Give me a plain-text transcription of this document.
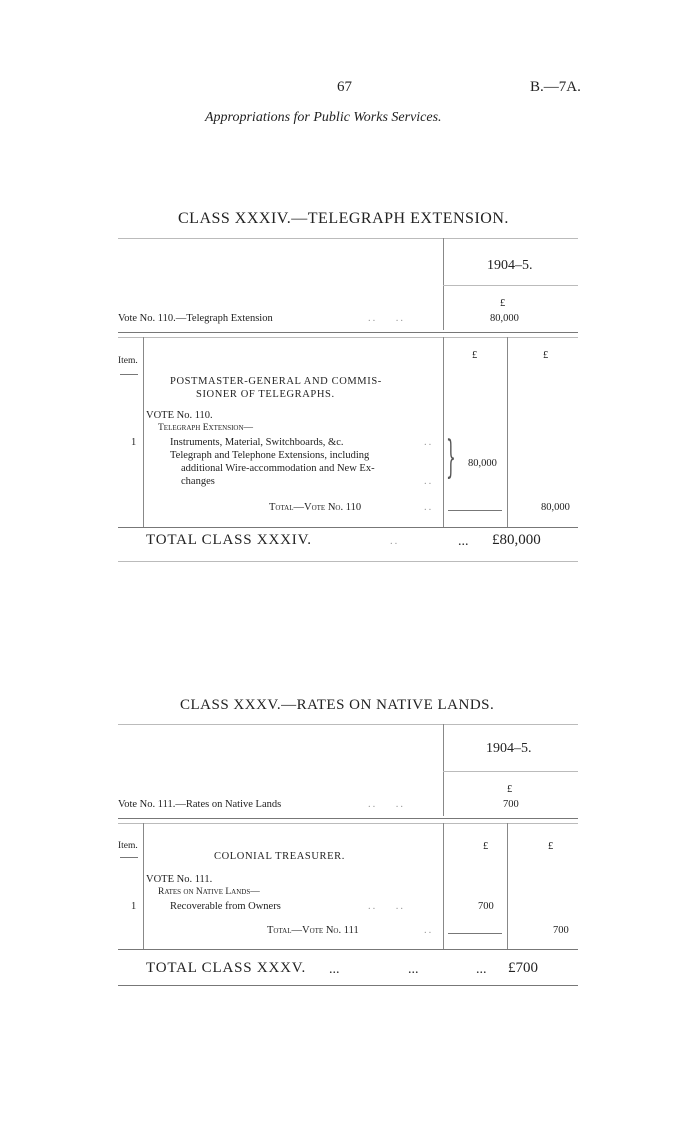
67	B.—7A.
Appropriations for Public Works Services.
CLASS XXXIV.—TELEGRAPH EXTENSION.
1904–5.
£
Vote No. 110.—Telegraph Extension	..    ..	80,000
Item.	£	£
POSTMASTER-GENERAL AND COMMIS-
SIONER OF TELEGRAPHS.
VOTE No. 110.
Telegraph Extension—
1	Instruments, Material, Switchboards, &c.	..
Telegraph and Telephone Extensions, including
additional Wire-accommodation and New Ex-
changes	.. } 80,000
Total—Vote No. 110	..	80,000
TOTAL CLASS XXXIV.	..	... £80,000
CLASS XXXV.—RATES ON NATIVE LANDS.
1904–5.
£
Vote No. 111.—Rates on Native Lands	..    ..	700
Item.	£	£
COLONIAL TREASURER.
VOTE No. 111.
Rates on Native Lands—
1	Recoverable from Owners	..    ..	700
Total—Vote No. 111	..	700
TOTAL CLASS XXXV. ...	...	... £700
